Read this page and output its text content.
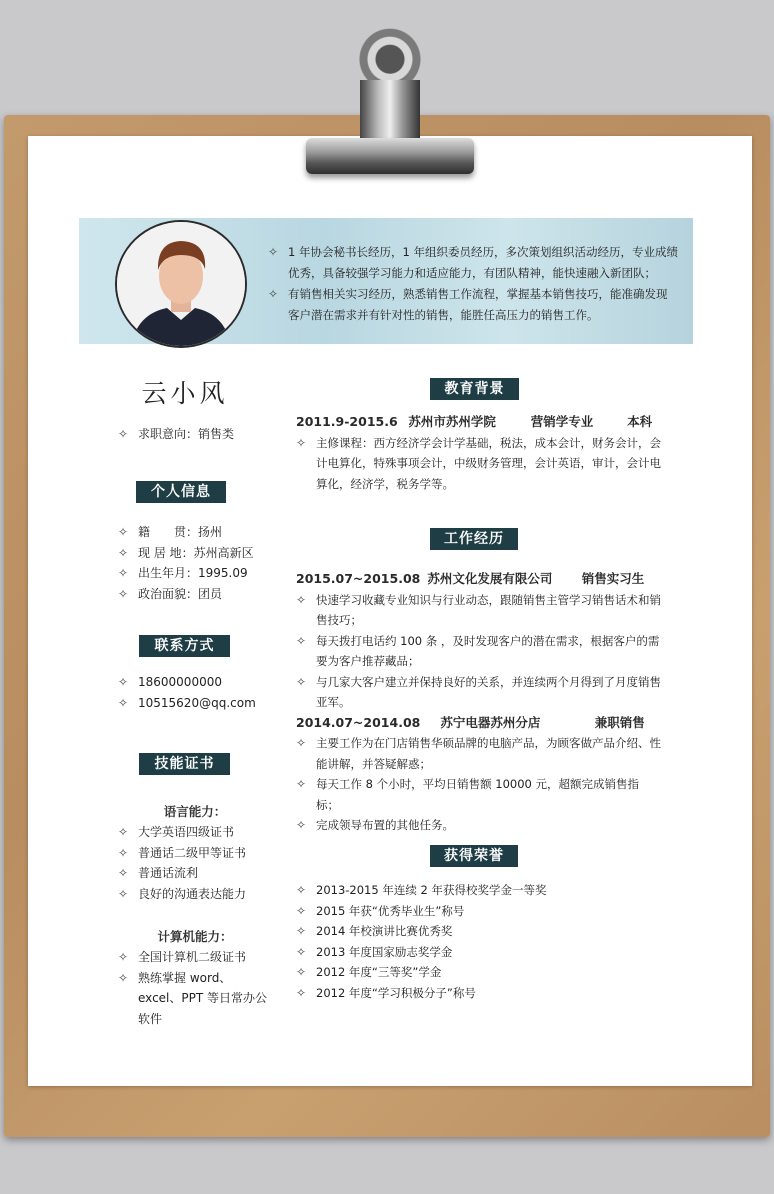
✧ 1 年协会秘书长经历，1 年组织委员经历，多次策划组织活动经历，专业成绩优秀，具备较强学习能力和适应能力，有团队精神，能快速融入新团队；
✧ 有销售相关实习经历，熟悉销售工作流程，掌握基本销售技巧，能准确发现客户潜在需求并有针对性的销售，能胜任高压力的销售工作。
云小风
✧ 求职意向：销售类
个人信息
✧ 籍　　贯：扬州
✧ 现 居 地：苏州高新区
✧ 出生年月：1995.09
✧ 政治面貌：团员
联系方式
✧ 18600000000
✧ 10515620@qq.com
技能证书
语言能力：
✧ 大学英语四级证书
✧ 普通话二级甲等证书
✧ 普通话流利
✧ 良好的沟通表达能力
计算机能力：
✧ 全国计算机二级证书
✧ 熟练掌握 word、excel、PPT 等日常办公软件
教育背景
2011.9-2015.6 苏州市苏州学院	营销学专业	本科
✧ 主修课程：西方经济学会计学基础，税法，成本会计，财务会计，会计电算化，特殊事项会计，中级财务管理，会计英语，审计，会计电算化，经济学，税务学等。
工作经历
2015.07~2015.08 苏州文化发展有限公司 销售实习生
✧ 快速学习收藏专业知识与行业动态，跟随销售主管学习销售话术和销售技巧；
✧ 每天拨打电话约 100 条 ，及时发现客户的潜在需求，根据客户的需要为客户推荐藏品；
✧ 与几家大客户建立并保持良好的关系，并连续两个月得到了月度销售亚军。
2014.07~2014.08 苏宁电器苏州分店	兼职销售
✧ 主要工作为在门店销售华硕品牌的电脑产品，为顾客做产品介绍、性能讲解，并答疑解惑；
✧ 每天工作 8 个小时，平均日销售额 10000 元，超额完成销售指标；
✧ 完成领导布置的其他任务。
获得荣誉
✧ 2013-2015 年连续 2 年获得校奖学金一等奖
✧ 2015 年获“优秀毕业生”称号
✧ 2014 年校演讲比赛优秀奖
✧ 2013 年度国家励志奖学金
✧ 2012 年度“三等奖”学金
✧ 2012 年度“学习积极分子”称号
